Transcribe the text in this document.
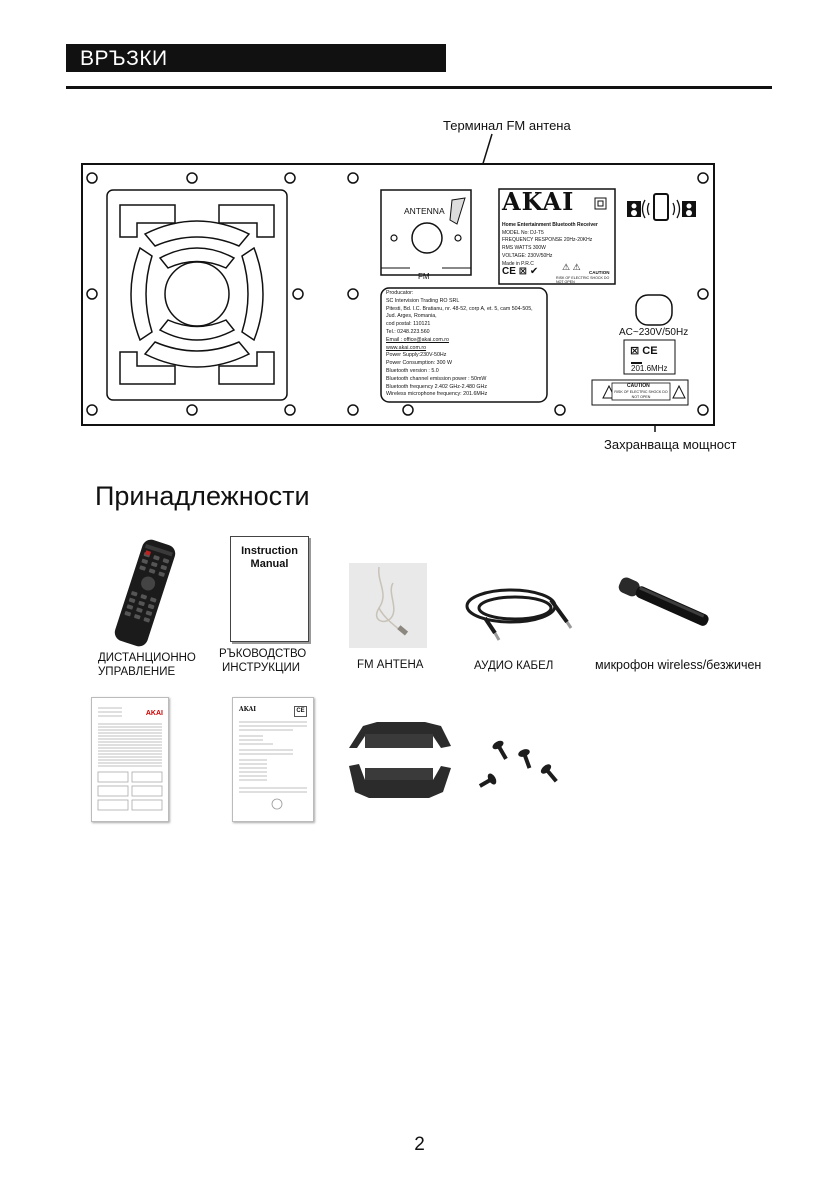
ВРЪЗКИ
Терминал FM антена
Захранваща мощност
ANTENNA
FM
AKAI
Home Entertainment Bluetooth Receiver
MODEL No: DJ-T5
FREQUENCY RESPONSE 20Hz-20KHz
RMS WATTS 300W
VOLTAGE: 230V/50Hz
Made in P.R.C
CE ⊠ ✔	⚠ ⚠
CAUTION
RISK OF ELECTRIC SHOCK DO NOT OPEN
Producator:
SC Intervision Trading RO SRL
Pitesti, Bd. I.C. Bratianu, nr. 48-52, corp A, et. 5, cam 504-505,
Jud. Arges, Romania,
cod postal: 110121
Tel.: 0248.223.560
Email : office@akai.com.ro
www.akai.com.ro
Power Supply:230V-50Hz
Power Consumption: 300 W
Bluetooth version : 5.0
Bluetooth channel emission power : 50mW
Bluetooth frequency 2.402 GHz-2.480 GHz
Wireless microphone frequency: 201.6MHz
AC~230V/50Hz
⊠ CE
201.6MHz
CAUTION
RISK OF ELECTRIC SHOCK DO NOT OPEN
Принадлежности
Instruction
Manual
ДИСТАНЦИОННО
УПРАВЛЕНИЕ
РЪКОВОДСТВО
ИНСТРУКЦИИ	FM АНТЕНА	АУДИО КАБЕЛ	микрофон wireless/безжичен
AKAI
AKAI	CE
2
